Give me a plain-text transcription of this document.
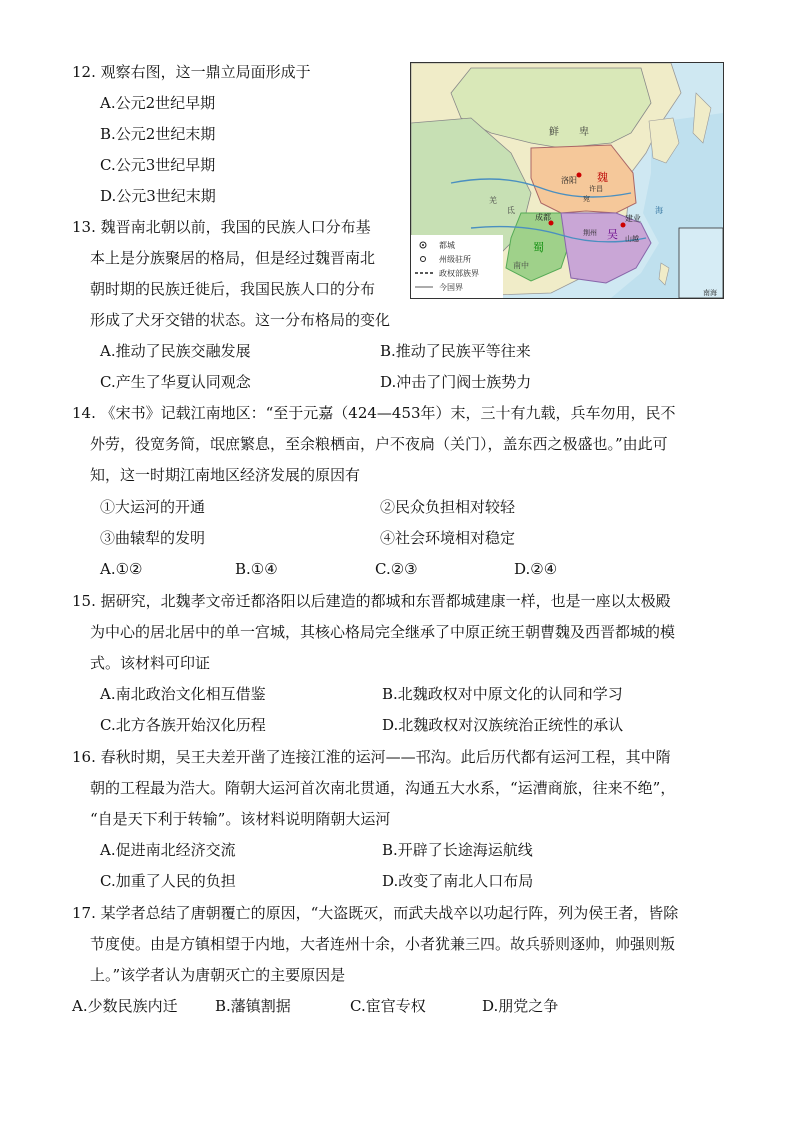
12. 观察右图，这一鼎立局面形成于
A.公元2世纪早期
B.公元2世纪末期
C.公元3世纪早期
D.公元3世纪末期
鲜 卑
魏
蜀
吴
洛阳
成都	建业
山越
许昌
宛
羌
氐
南中
荆州
海
都城
州级驻所
政权部族界
今国界
南海
13. 魏晋南北朝以前，我国的民族人口分布基
本上是分族聚居的格局，但是经过魏晋南北
朝时期的民族迁徙后，我国民族人口的分布
形成了犬牙交错的状态。这一分布格局的变化
A.推动了民族交融发展	B.推动了民族平等往来
C.产生了华夏认同观念	D.冲击了门阀士族势力
14. 《宋书》记载江南地区：“至于元嘉（424—453年）末，三十有九载，兵车勿用，民不
外劳，役宽务简，氓庶繁息，至余粮栖亩，户不夜扃（关门），盖东西之极盛也。”由此可
知，这一时期江南地区经济发展的原因有
①大运河的开通	②民众负担相对较轻
③曲辕犁的发明	④社会环境相对稳定
A.①②	B.①④	C.②③	D.②④
15. 据研究，北魏孝文帝迁都洛阳以后建造的都城和东晋都城建康一样，也是一座以太极殿
为中心的居北居中的单一宫城，其核心格局完全继承了中原正统王朝曹魏及西晋都城的模
式。该材料可印证
A.南北政治文化相互借鉴	B.北魏政权对中原文化的认同和学习
C.北方各族开始汉化历程	D.北魏政权对汉族统治正统性的承认
16. 春秋时期，吴王夫差开凿了连接江淮的运河——邗沟。此后历代都有运河工程，其中隋
朝的工程最为浩大。隋朝大运河首次南北贯通，沟通五大水系，“运漕商旅，往来不绝”，
“自是天下利于转输”。该材料说明隋朝大运河
A.促进南北经济交流	B.开辟了长途海运航线
C.加重了人民的负担	D.改变了南北人口布局
17. 某学者总结了唐朝覆亡的原因，“大盗既灭，而武夫战卒以功起行阵，列为侯王者，皆除
节度使。由是方镇相望于内地，大者连州十余，小者犹兼三四。故兵骄则逐帅，帅强则叛
上。”该学者认为唐朝灭亡的主要原因是
A.少数民族内迁 B.藩镇割据	C.宦官专权	D.朋党之争
